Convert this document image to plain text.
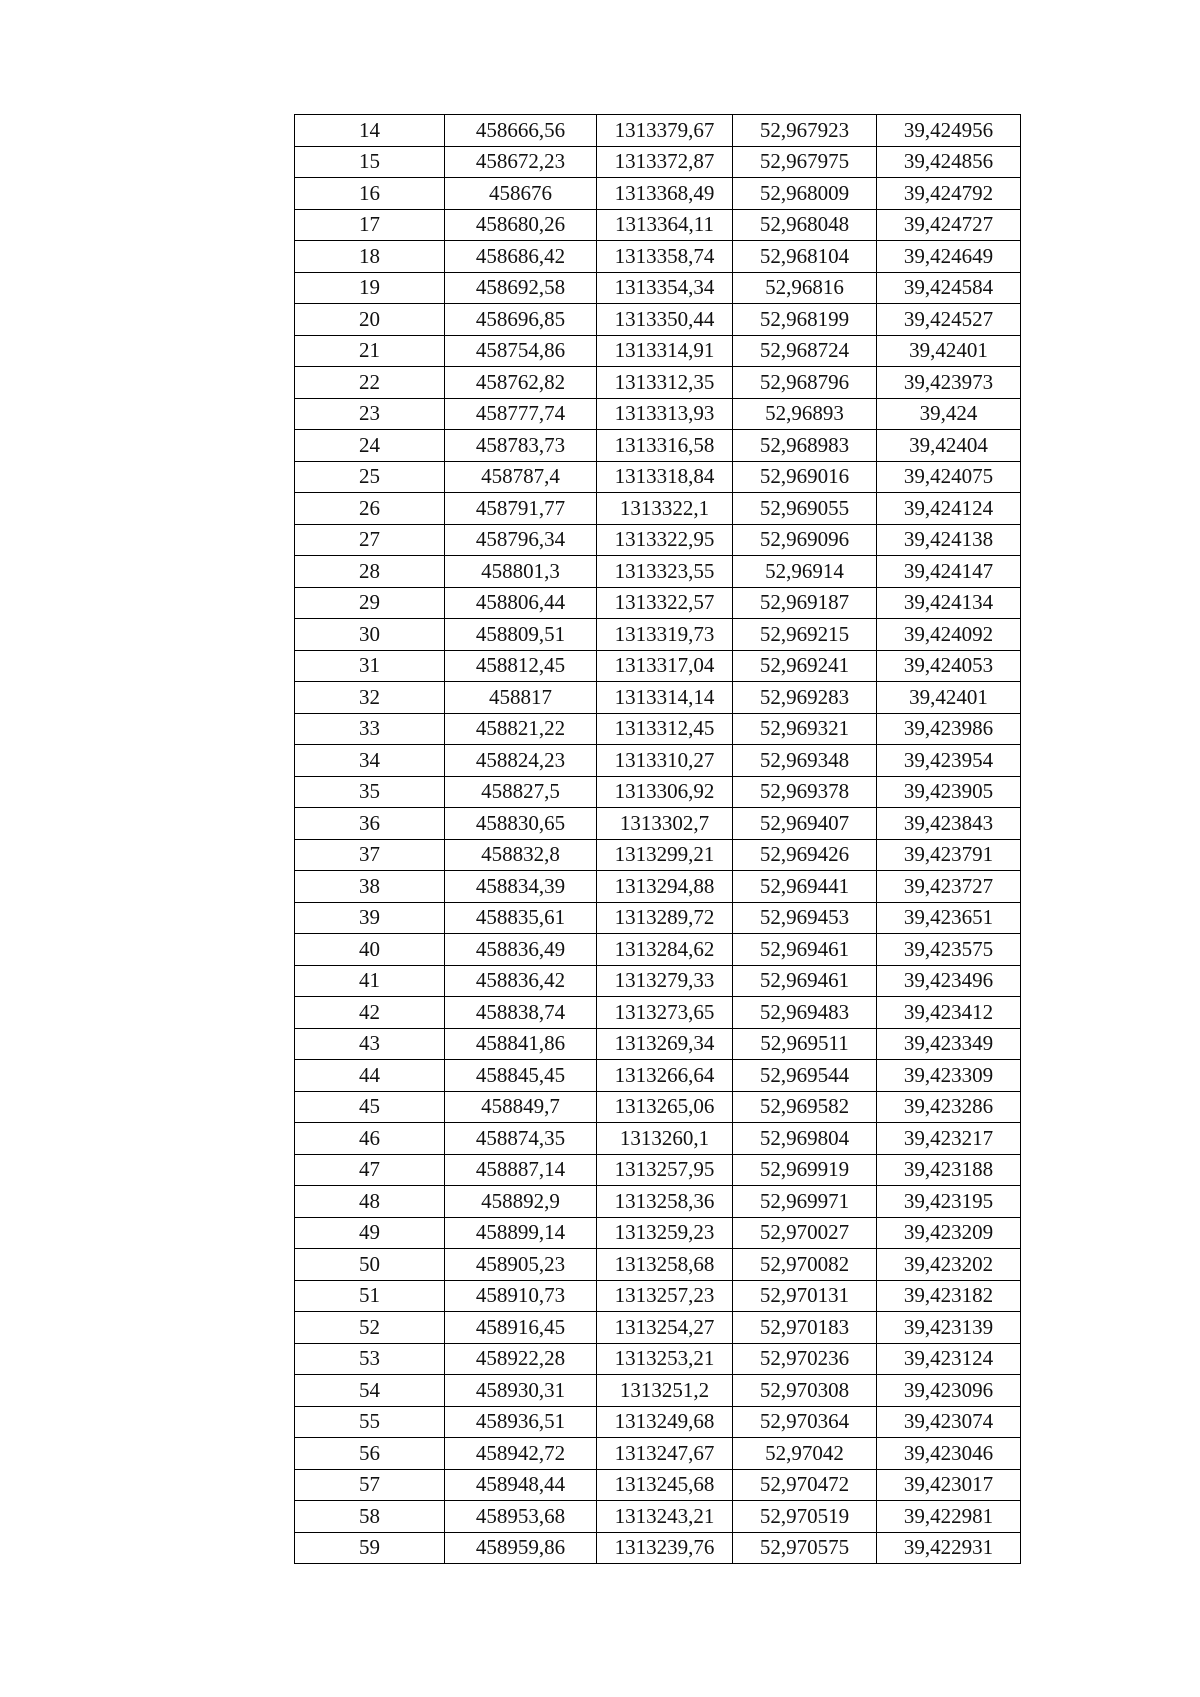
14	458666,56	1313379,67	52,967923	39,424956
15	458672,23	1313372,87	52,967975	39,424856
16	458676	1313368,49	52,968009	39,424792
17	458680,26	1313364,11	52,968048	39,424727
18	458686,42	1313358,74	52,968104	39,424649
19	458692,58	1313354,34	52,96816	39,424584
20	458696,85	1313350,44	52,968199	39,424527
21	458754,86	1313314,91	52,968724	39,42401
22	458762,82	1313312,35	52,968796	39,423973
23	458777,74	1313313,93	52,96893	39,424
24	458783,73	1313316,58	52,968983	39,42404
25	458787,4	1313318,84	52,969016	39,424075
26	458791,77	1313322,1	52,969055	39,424124
27	458796,34	1313322,95	52,969096	39,424138
28	458801,3	1313323,55	52,96914	39,424147
29	458806,44	1313322,57	52,969187	39,424134
30	458809,51	1313319,73	52,969215	39,424092
31	458812,45	1313317,04	52,969241	39,424053
32	458817	1313314,14	52,969283	39,42401
33	458821,22	1313312,45	52,969321	39,423986
34	458824,23	1313310,27	52,969348	39,423954
35	458827,5	1313306,92	52,969378	39,423905
36	458830,65	1313302,7	52,969407	39,423843
37	458832,8	1313299,21	52,969426	39,423791
38	458834,39	1313294,88	52,969441	39,423727
39	458835,61	1313289,72	52,969453	39,423651
40	458836,49	1313284,62	52,969461	39,423575
41	458836,42	1313279,33	52,969461	39,423496
42	458838,74	1313273,65	52,969483	39,423412
43	458841,86	1313269,34	52,969511	39,423349
44	458845,45	1313266,64	52,969544	39,423309
45	458849,7	1313265,06	52,969582	39,423286
46	458874,35	1313260,1	52,969804	39,423217
47	458887,14	1313257,95	52,969919	39,423188
48	458892,9	1313258,36	52,969971	39,423195
49	458899,14	1313259,23	52,970027	39,423209
50	458905,23	1313258,68	52,970082	39,423202
51	458910,73	1313257,23	52,970131	39,423182
52	458916,45	1313254,27	52,970183	39,423139
53	458922,28	1313253,21	52,970236	39,423124
54	458930,31	1313251,2	52,970308	39,423096
55	458936,51	1313249,68	52,970364	39,423074
56	458942,72	1313247,67	52,97042	39,423046
57	458948,44	1313245,68	52,970472	39,423017
58	458953,68	1313243,21	52,970519	39,422981
59	458959,86	1313239,76	52,970575	39,422931
